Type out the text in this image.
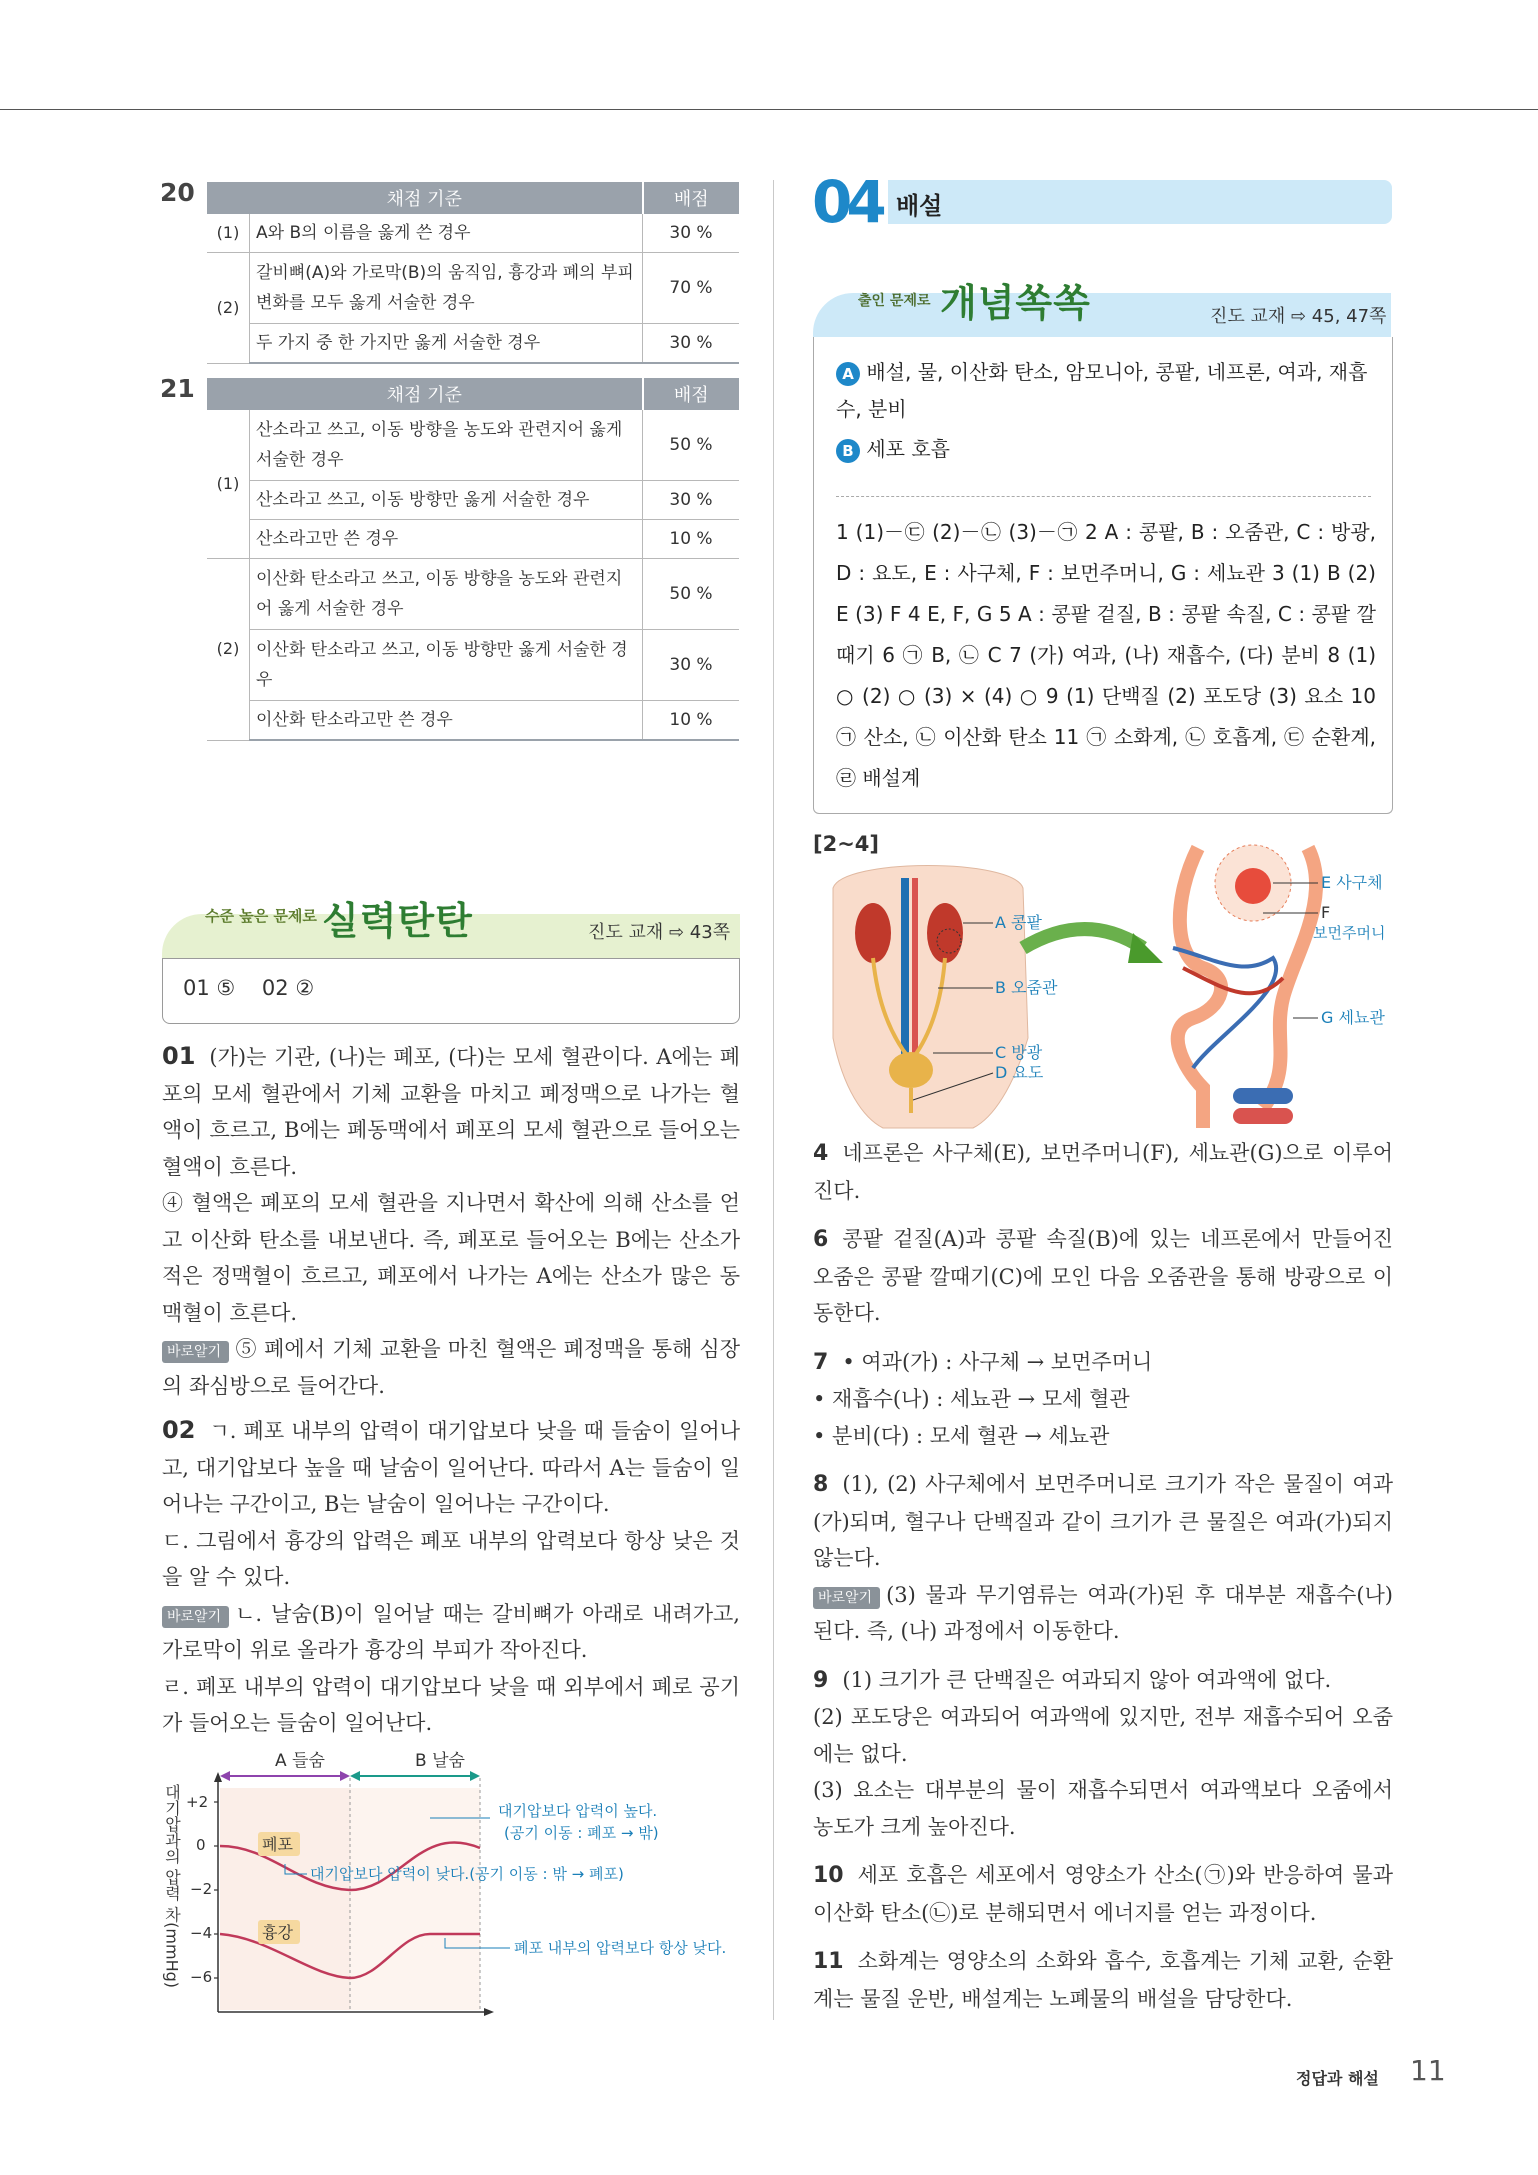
20	채점 기준		배점
(1)	A와 B의 이름을 옳게 쓴 경우	30 %
(2)	갈비뼈(A)와 가로막(B)의 움직임, 흉강과 폐의 부피 변화를 모두 옳게 서술한 경우	70 %
	두 가지 중 한 가지만 옳게 서술한 경우	30 %
21	채점 기준		배점
(1)	산소라고 쓰고, 이동 방향을 농도와 관련지어 옳게 서술한 경우	50 %
	산소라고 쓰고, 이동 방향만 옳게 서술한 경우	30 %
	산소라고만 쓴 경우	10 %
(2)	이산화 탄소라고 쓰고, 이동 방향을 농도와 관련지어 옳게 서술한 경우	50 %
	이산화 탄소라고 쓰고, 이동 방향만 옳게 서술한 경우	30 %
	이산화 탄소라고만 쓴 경우	10 %
수준 높은 문제로 실력탄탄	진도 교재 ⇨ 43쪽
01 ⑤    02 ②
01 (가)는 기관, (나)는 폐포, (다)는 모세 혈관이다. A에는 폐포의 모세 혈관에서 기체 교환을 마치고 폐정맥으로 나가는 혈액이 흐르고, B에는 폐동맥에서 폐포의 모세 혈관으로 들어오는 혈액이 흐른다.
④ 혈액은 폐포의 모세 혈관을 지나면서 확산에 의해 산소를 얻고 이산화 탄소를 내보낸다. 즉, 폐포로 들어오는 B에는 산소가 적은 정맥혈이 흐르고, 폐포에서 나가는 A에는 산소가 많은 동맥혈이 흐른다.
바로알기 ⑤ 폐에서 기체 교환을 마친 혈액은 폐정맥을 통해 심장의 좌심방으로 들어간다.
02 ㄱ. 폐포 내부의 압력이 대기압보다 낮을 때 들숨이 일어나고, 대기압보다 높을 때 날숨이 일어난다. 따라서 A는 들숨이 일어나는 구간이고, B는 날숨이 일어나는 구간이다.
ㄷ. 그림에서 흉강의 압력은 폐포 내부의 압력보다 항상 낮은 것을 알 수 있다.
바로알기 ㄴ. 날숨(B)이 일어날 때는 갈비뼈가 아래로 내려가고, 가로막이 위로 올라가 흉강의 부피가 작아진다.
ㄹ. 폐포 내부의 압력이 대기압보다 낮을 때 외부에서 폐로 공기가 들어오는 들숨이 일어난다.
대기압과의 압력 차(mmHg) +2
0
−2
−4
−6
A 들숨	B 날숨
폐포
흉강
대기압보다 압력이 높다.
(공기 이동 : 폐포 → 밖)
대기압보다 압력이 낮다.(공기 이동 : 밖 → 폐포)
폐포 내부의 압력보다 항상 낮다.
04 배설
출인 문제로 개념쏙쏙	진도 교재 ⇨ 45, 47쪽
A 배설, 물, 이산화 탄소, 암모니아, 콩팥, 네프론, 여과, 재흡수, 분비
B 세포 호흡
1 (1)－㉢ (2)－㉡ (3)－㉠ 2 A : 콩팥, B : 오줌관, C : 방광, D : 요도, E : 사구체, F : 보먼주머니, G : 세뇨관 3 (1) B (2) E (3) F 4 E, F, G 5 A : 콩팥 겉질, B : 콩팥 속질, C : 콩팥 깔때기 6 ㉠ B, ㉡ C 7 (가) 여과, (나) 재흡수, (다) 분비 8 (1) ○ (2) ○ (3) × (4) ○ 9 (1) 단백질 (2) 포도당 (3) 요소 10 ㉠ 산소, ㉡ 이산화 탄소 11 ㉠ 소화계, ㉡ 호흡계, ㉢ 순환계, ㉣ 배설계
[2~4]
A 콩팥
B 오줌관
C 방광
D 요도
E 사구체
F
보먼주머니
G 세뇨관
4 네프론은 사구체(E), 보먼주머니(F), 세뇨관(G)으로 이루어진다.
6 콩팥 겉질(A)과 콩팥 속질(B)에 있는 네프론에서 만들어진 오줌은 콩팥 깔때기(C)에 모인 다음 오줌관을 통해 방광으로 이동한다.
7 • 여과(가) : 사구체 → 보먼주머니
• 재흡수(나) : 세뇨관 → 모세 혈관
• 분비(다) : 모세 혈관 → 세뇨관
8 (1), (2) 사구체에서 보먼주머니로 크기가 작은 물질이 여과(가)되며, 혈구나 단백질과 같이 크기가 큰 물질은 여과(가)되지 않는다.
바로알기 (3) 물과 무기염류는 여과(가)된 후 대부분 재흡수(나)된다. 즉, (나) 과정에서 이동한다.
9 (1) 크기가 큰 단백질은 여과되지 않아 여과액에 없다.
(2) 포도당은 여과되어 여과액에 있지만, 전부 재흡수되어 오줌에는 없다.
(3) 요소는 대부분의 물이 재흡수되면서 여과액보다 오줌에서 농도가 크게 높아진다.
10 세포 호흡은 세포에서 영양소가 산소(㉠)와 반응하여 물과 이산화 탄소(㉡)로 분해되면서 에너지를 얻는 과정이다.
11 소화계는 영양소의 소화와 흡수, 호흡계는 기체 교환, 순환계는 물질 운반, 배설계는 노폐물의 배설을 담당한다.
정답과 해설 11
